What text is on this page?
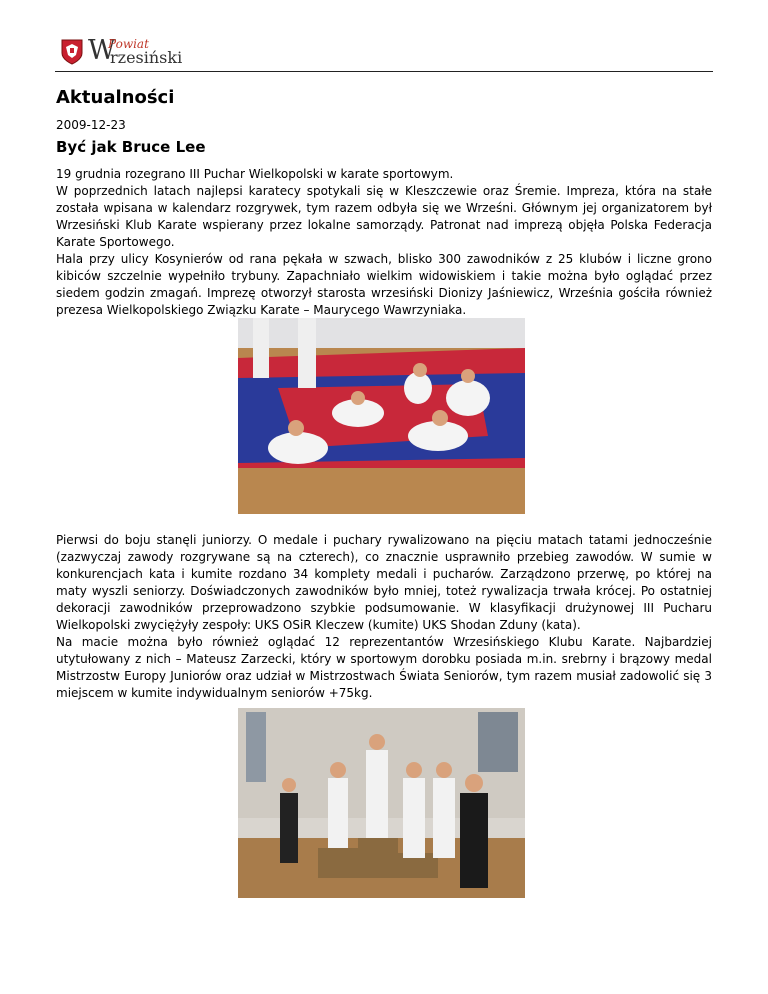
W
Powiat
rzesiński
Aktualności
2009-12-23
Być jak Bruce Lee
19 grudnia rozegrano III Puchar Wielkopolski w karate sportowym.
W poprzednich latach najlepsi karatecy spotykali się w Kleszczewie oraz Śremie. Impreza, która na stałe została wpisana w kalendarz rozgrywek, tym razem odbyła się we Wrześni. Głównym jej organizatorem był Wrzesiński Klub Karate wspierany przez lokalne samorządy. Patronat nad imprezą objęła Polska Federacja Karate Sportowego.
Hala przy ulicy Kosynierów od rana pękała w szwach, blisko 300 zawodników z 25 klubów i liczne grono kibiców szczelnie wypełniło trybuny. Zapachniało wielkim widowiskiem i takie można było oglądać przez siedem godzin zmagań. Imprezę otworzył starosta wrzesiński Dionizy Jaśniewicz, Września gościła również prezesa Wielkopolskiego Związku Karate – Maurycego Wawrzyniaka.
Pierwsi do boju stanęli juniorzy. O medale i puchary rywalizowano na pięciu matach tatami jednocześnie (zazwyczaj zawody rozgrywane są na czterech), co znacznie usprawniło przebieg zawodów. W sumie w konkurencjach kata i kumite rozdano 34 komplety medali i pucharów. Zarządzono przerwę, po której na maty wyszli seniorzy. Doświadczonych zawodników było mniej, toteż rywalizacja trwała krócej. Po ostatniej dekoracji zawodników przeprowadzono szybkie podsumowanie. W klasyfikacji drużynowej III Pucharu Wielkopolski zwyciężyły zespoły: UKS OSiR Kleczew (kumite) UKS Shodan Zduny (kata).
Na macie można było również oglądać 12 reprezentantów Wrzesińskiego Klubu Karate. Najbardziej utytułowany z nich – Mateusz Zarzecki, który w sportowym dorobku posiada m.in. srebrny i brązowy medal Mistrzostw Europy Juniorów oraz udział w Mistrzostwach Świata Seniorów, tym razem musiał zadowolić się 3 miejscem w kumite indywidualnym seniorów +75kg.
